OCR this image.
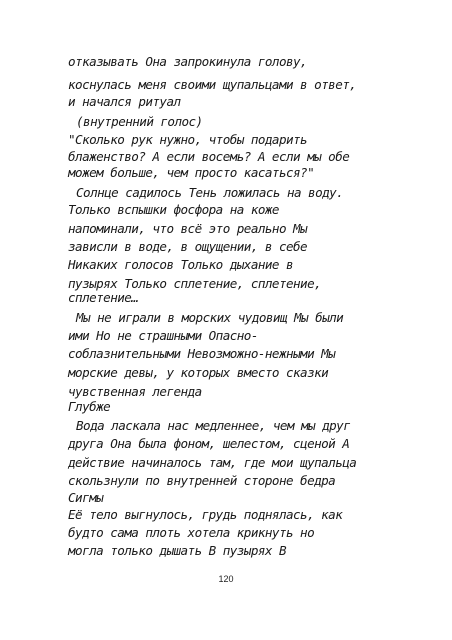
отказывать Она запрокинула голову,
коснулась меня своими щупальцами в ответ,
и начался ритуал
(внутренний голос)
"Сколько рук нужно, чтобы подарить
блаженство? А если восемь? А если мы обе
можем больше, чем просто касаться?"
Солнце садилось Тень ложилась на воду.
Только вспышки фосфора на коже
напоминали, что всё это реально Мы
зависли в воде, в ощущении, в себе
Никаких голосов Только дыхание в
пузырях Только сплетение, сплетение,
сплетение…
Мы не играли в морских чудовищ Мы были
ими Но не страшными Опасно-
соблазнительными Невозможно-нежными Мы
морские девы, у которых вместо сказки
чувственная легенда
Глубже
Вода ласкала нас медленнее, чем мы друг
друга Она была фоном, шелестом, сценой А
действие начиналось там, где мои щупальца
скользнули по внутренней стороне бедра
Сигмы
Её тело выгнулось, грудь поднялась, как
будто сама плоть хотела крикнуть но
могла только дышать В пузырях В
120
